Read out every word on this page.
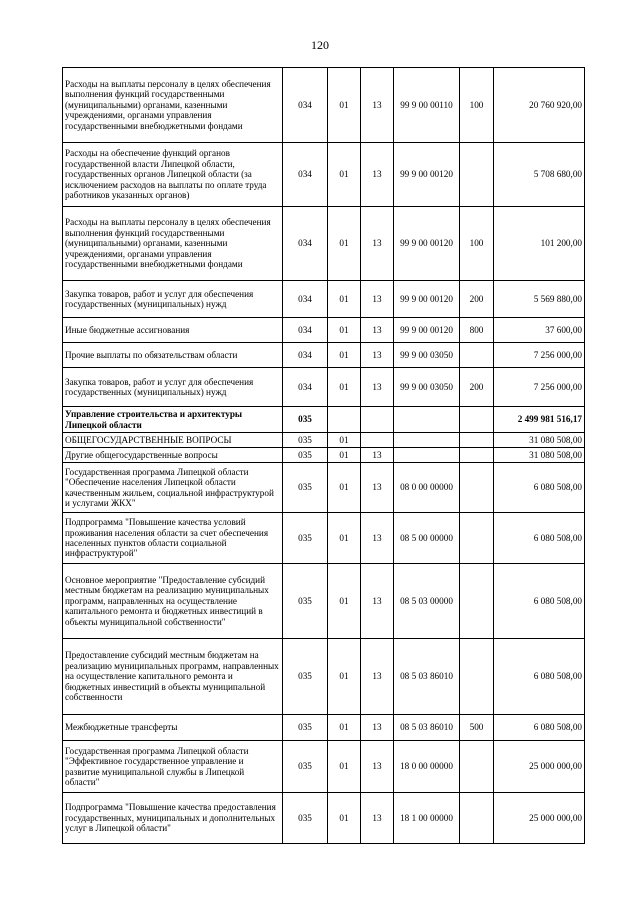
120
Расходы на выплаты персоналу в целях обеспечения выполнения функций государственными (муниципальными) органами, казенными учреждениями, органами управления государственными внебюджетными фондами	034	01	13	99 9 00 00110	100	20 760 920,00
Расходы на обеспечение функций органов государственной власти Липецкой области, государственных органов Липецкой области (за исключением расходов на выплаты по оплате труда работников указанных органов)	034	01	13	99 9 00 00120		5 708 680,00
Расходы на выплаты персоналу в целях обеспечения выполнения функций государственными (муниципальными) органами, казенными учреждениями, органами управления государственными внебюджетными фондами	034	01	13	99 9 00 00120	100	101 200,00
Закупка товаров, работ и услуг для обеспечения государственных (муниципальных) нужд	034	01	13	99 9 00 00120	200	5 569 880,00
Иные бюджетные ассигнования	034	01	13	99 9 00 00120	800	37 600,00
Прочие выплаты по обязательствам области	034	01	13	99 9 00 03050		7 256 000,00
Закупка товаров, работ и услуг для обеспечения государственных (муниципальных) нужд	034	01	13	99 9 00 03050	200	7 256 000,00
Управление строительства и архитектуры Липецкой области	035					2 499 981 516,17
ОБЩЕГОСУДАРСТВЕННЫЕ ВОПРОСЫ	035	01				31 080 508,00
Другие общегосударственные вопросы	035	01	13			31 080 508,00
Государственная программа Липецкой области "Обеспечение населения Липецкой области качественным жильем, социальной инфраструктурой и услугами ЖКХ"	035	01	13	08 0 00 00000		6 080 508,00
Подпрограмма "Повышение качества условий проживания населения области за счет обеспечения населенных пунктов области социальной инфраструктурой"	035	01	13	08 5 00 00000		6 080 508,00
Основное мероприятие "Предоставление субсидий местным бюджетам на реализацию муниципальных программ, направленных на осуществление капитального ремонта и бюджетных инвестиций в объекты муниципальной собственности"	035	01	13	08 5 03 00000		6 080 508,00
Предоставление субсидий местным бюджетам на реализацию муниципальных программ, направленных на осуществление капитального ремонта и бюджетных инвестиций в объекты муниципальной собственности	035	01	13	08 5 03 86010		6 080 508,00
Межбюджетные трансферты	035	01	13	08 5 03 86010	500	6 080 508,00
Государственная программа Липецкой области "Эффективное государственное управление и развитие муниципальной службы в Липецкой области"	035	01	13	18 0 00 00000		25 000 000,00
Подпрограмма "Повышение качества предоставления государственных, муниципальных и дополнительных услуг в Липецкой области"	035	01	13	18 1 00 00000		25 000 000,00
